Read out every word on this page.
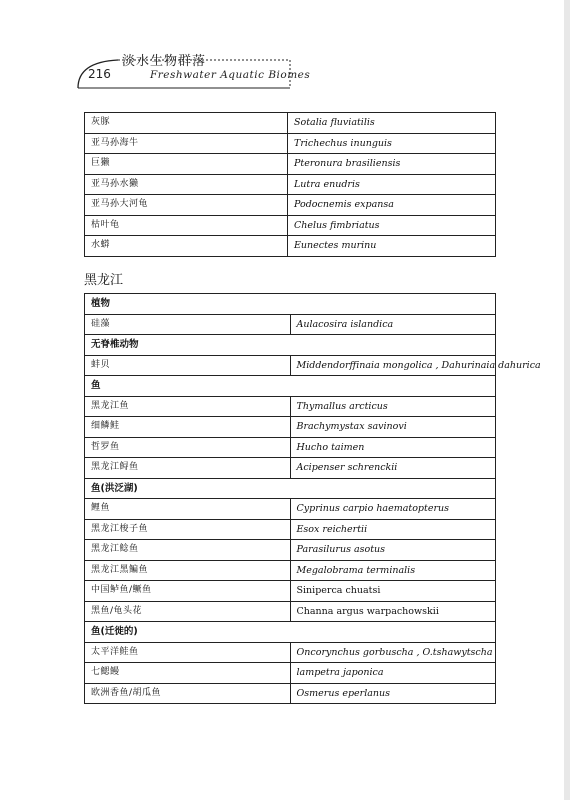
216
淡水生物群落
Freshwater Aquatic Biomes
灰豚	Sotalia fluviatilis
亚马孙海牛	Trichechus inunguis
巨獭	Pteronura brasiliensis
亚马孙水獭	Lutra enudris
亚马孙大河龟	Podocnemis expansa
枯叶龟	Chelus fimbriatus
水蟒	Eunectes murinu
黑龙江
植物	
硅藻	Aulacosira islandica
无脊椎动物	
蚌贝	Middendorffinaia mongolica , Dahurinaia dahurica
鱼	
黑龙江鱼	Thymallus arcticus
细鳞鲑	Brachymystax savinovi
哲罗鱼	Hucho taimen
黑龙江鲟鱼	Acipenser schrenckii
鱼(洪泛湖)	
鲤鱼	Cyprinus carpio haematopterus
黑龙江梭子鱼	Esox reichertii
黑龙江鲶鱼	Parasilurus asotus
黑龙江黑鳊鱼	Megalobrama terminalis
中国鲈鱼/鳜鱼	Siniperca chuatsi
黑鱼/龟头花	Channa argus warpachowskii
鱼(迁徙的)	
太平洋鲑鱼	Oncorynchus gorbuscha , O.tshawytscha
七鳃鳗	lampetra japonica
欧洲香鱼/胡瓜鱼	Osmerus eperlanus
